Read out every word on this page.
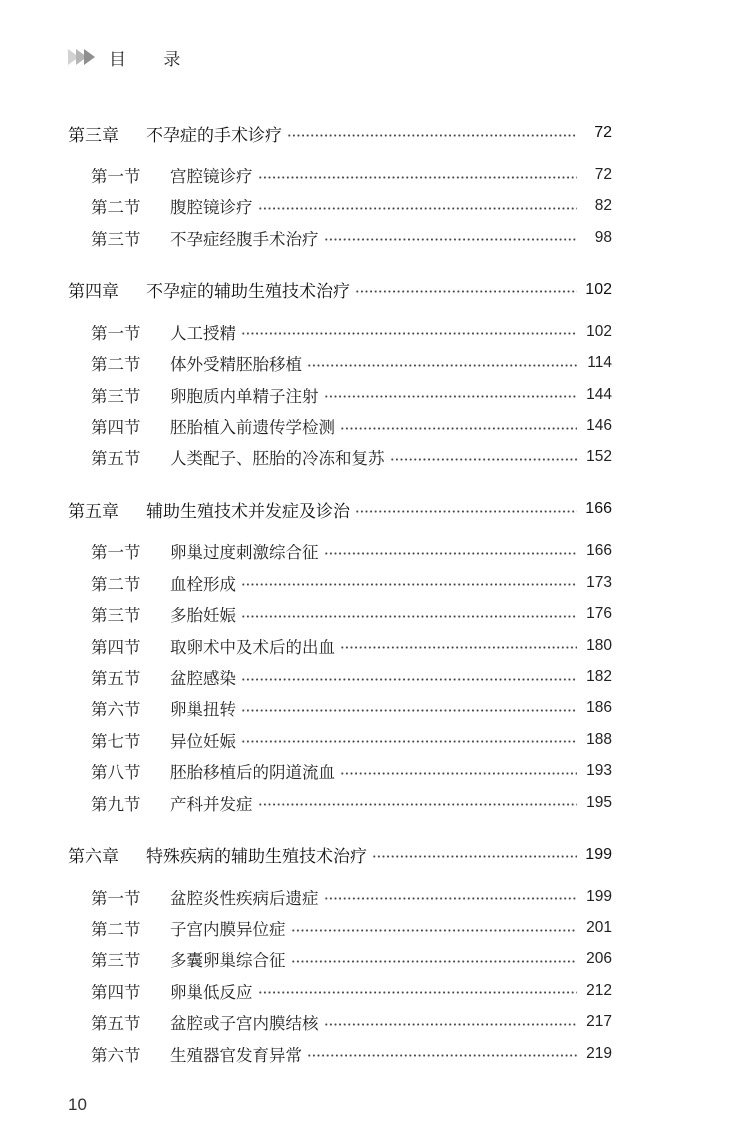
目 录
第三章	不孕症的手术诊疗	72
第一节	宫腔镜诊疗	72
第二节	腹腔镜诊疗	82
第三节	不孕症经腹手术治疗	98
第四章	不孕症的辅助生殖技术治疗	102
第一节	人工授精	102
第二节	体外受精胚胎移植	114
第三节	卵胞质内单精子注射	144
第四节	胚胎植入前遗传学检测	146
第五节	人类配子、胚胎的冷冻和复苏	152
第五章	辅助生殖技术并发症及诊治	166
第一节	卵巢过度刺激综合征	166
第二节	血栓形成	173
第三节	多胎妊娠	176
第四节	取卵术中及术后的出血	180
第五节	盆腔感染	182
第六节	卵巢扭转	186
第七节	异位妊娠	188
第八节	胚胎移植后的阴道流血	193
第九节	产科并发症	195
第六章	特殊疾病的辅助生殖技术治疗	199
第一节	盆腔炎性疾病后遗症	199
第二节	子宫内膜异位症	201
第三节	多囊卵巢综合征	206
第四节	卵巢低反应	212
第五节	盆腔或子宫内膜结核	217
第六节	生殖器官发育异常	219
10
